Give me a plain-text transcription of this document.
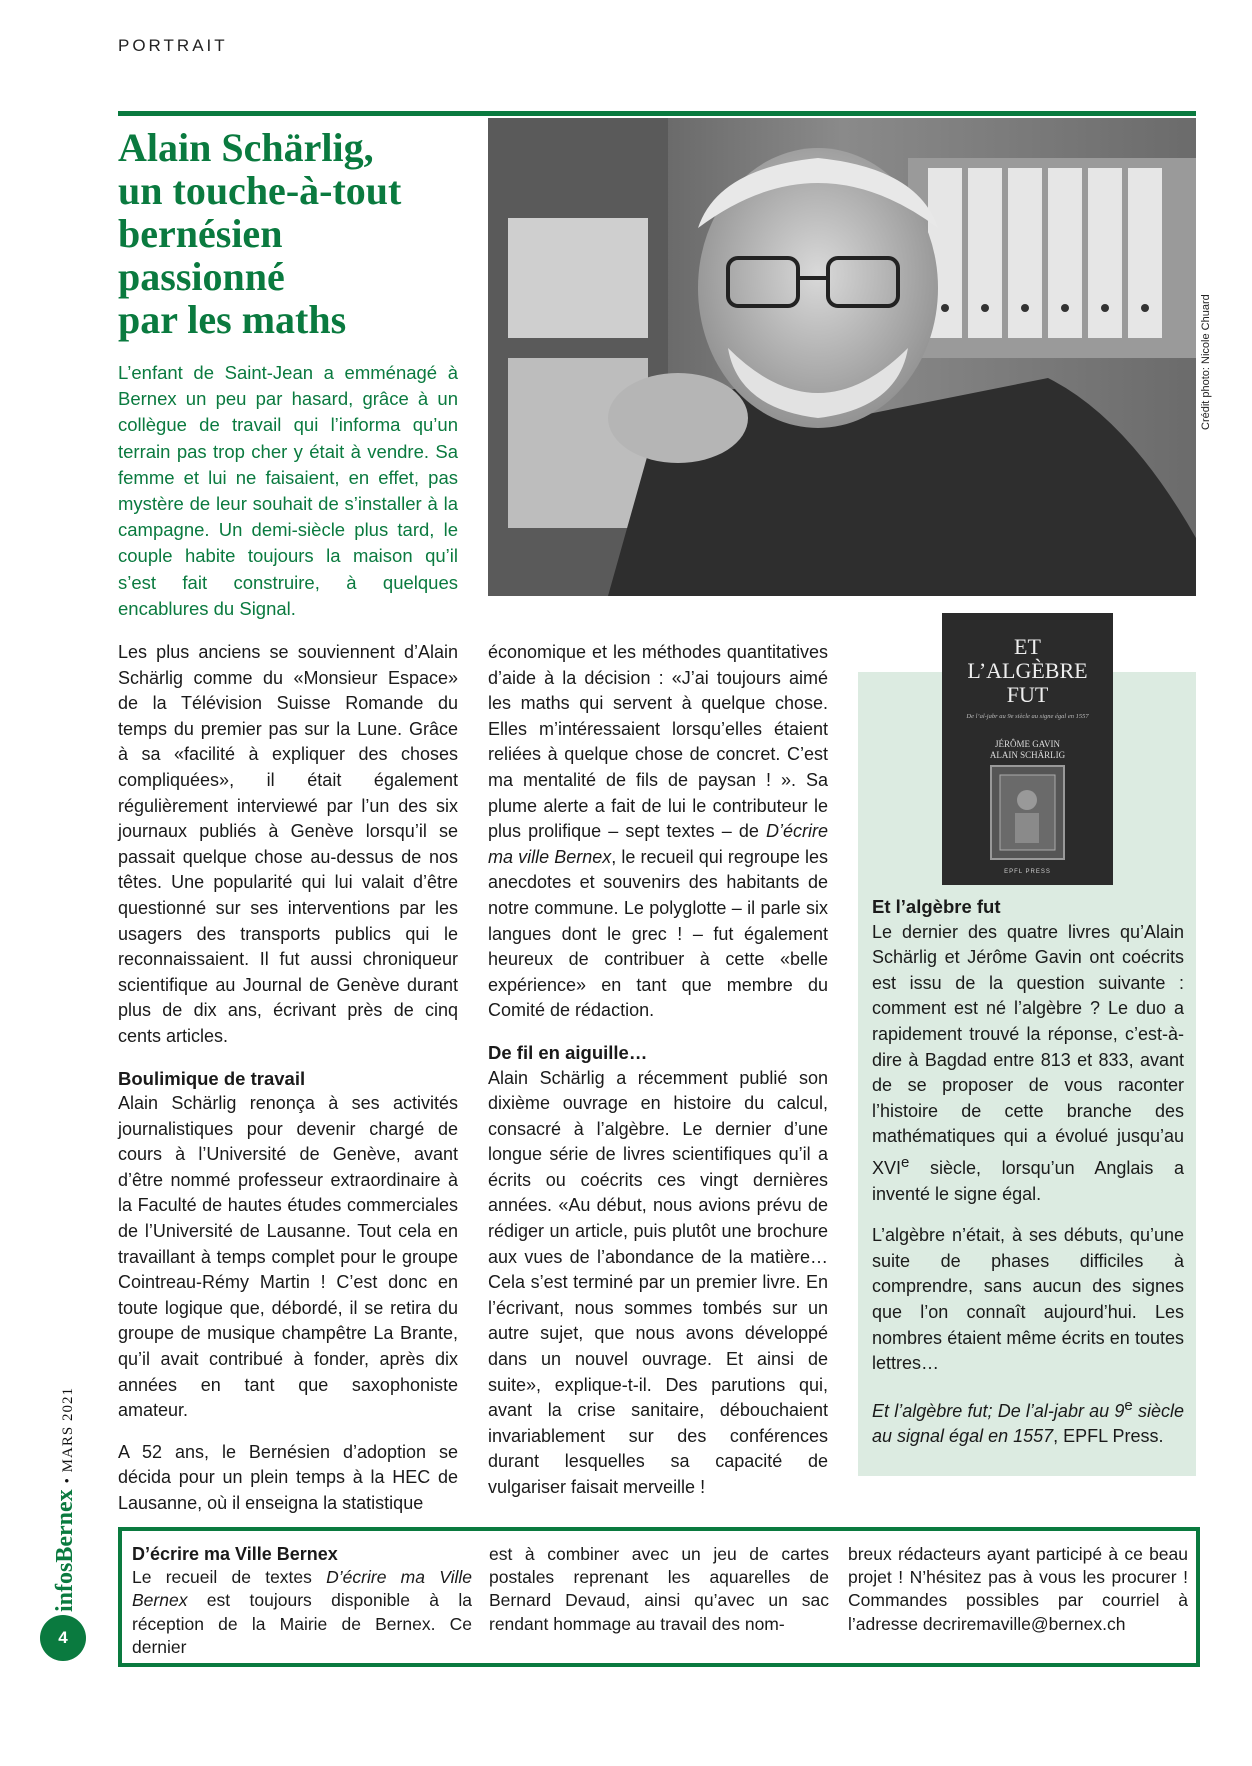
PORTRAIT
Alain Schärlig,
un touche-à-tout
bernésien
passionné
par les maths
L’enfant de Saint-Jean a emménagé à Bernex un peu par hasard, grâce à un collègue de travail qui l’informa qu’un terrain pas trop cher y était à vendre. Sa femme et lui ne faisaient, en effet, pas mystère de leur souhait de s’installer à la campagne. Un demi-siècle plus tard, le couple habite toujours la maison qu’il s’est fait construire, à quelques encablures du Signal.
Crédit photo: Nicole Chuard

Les plus anciens se souviennent d’Alain Schärlig comme du «Monsieur Espace» de la Télévision Suisse Romande du temps du premier pas sur la Lune. Grâce à sa «facilité à expliquer des choses compliquées», il était également régulièrement interviewé par l’un des six journaux publiés à Genève lorsqu’il se passait quelque chose au-dessus de nos têtes. Une popularité qui lui valait d’être questionné sur ses interventions par les usagers des transports publics qui le reconnaissaient. Il fut aussi chroniqueur scientifique au Journal de Genève durant plus de dix ans, écrivant près de cinq cents articles.

Boulimique de travail

Alain Schärlig renonça à ses activités journalistiques pour devenir chargé de cours à l’Université de Genève, avant d’être nommé professeur extraordinaire à la Faculté de hautes études commerciales de l’Université de Lausanne. Tout cela en travaillant à temps complet pour le groupe Cointreau-Rémy Martin ! C’est donc en toute logique que, débordé, il se retira du groupe de musique champêtre La Brante, qu’il avait contribué à fonder, après dix années en tant que saxophoniste amateur.

A 52 ans, le Bernésien d’adoption se décida pour un plein temps à la HEC de Lausanne, où il enseigna la statistique

économique et les méthodes quantitatives d’aide à la décision : «J’ai toujours aimé les maths qui servent à quelque chose. Elles m’intéressaient lorsqu’elles étaient reliées à quelque chose de concret. C’est ma mentalité de fils de paysan ! ». Sa plume alerte a fait de lui le contributeur le plus prolifique – sept textes – de D’écrire ma ville Bernex, le recueil qui regroupe les anecdotes et souvenirs des habitants de notre commune. Le polyglotte – il parle six langues dont le grec ! – fut également heureux de contribuer à cette «belle expérience» en tant que membre du Comité de rédaction.

De fil en aiguille…

Alain Schärlig a récemment publié son dixième ouvrage en histoire du calcul, consacré à l’algèbre. Le dernier d’une longue série de livres scientifiques qu’il a écrits ou coécrits ces vingt dernières années. «Au début, nous avions prévu de rédiger un article, puis plutôt une brochure aux vues de l’abondance de la matière… Cela s’est terminé par un premier livre. En l’écrivant, nous sommes tombés sur un autre sujet, que nous avons développé dans un nouvel ouvrage. Et ainsi de suite», explique-t-il. Des parutions qui, avant la crise sanitaire, débouchaient invariablement sur des conférences durant lesquelles sa capacité de vulgariser faisait merveille !

ET
L’ALGÈBRE
FUT
De l’al-jabr au 9e siècle au signe égal en 1557
JÉRÔME GAVIN
ALAIN SCHÄRLIG
EPFL PRESS
Et l’algèbre fut

Le dernier des quatre livres qu’Alain Schärlig et Jérôme Gavin ont coécrits est issu de la question suivante : comment est né l’algèbre ? Le duo a rapidement trouvé la réponse, c’est-à-dire à Bagdad entre 813 et 833, avant de se proposer de vous raconter l’histoire de cette branche des mathématiques qui a évolué jusqu’au XVIe siècle, lorsqu’un Anglais a inventé le signe égal.

L’algèbre n’était, à ses débuts, qu’une suite de phases difficiles à comprendre, sans aucun des signes que l’on connaît aujourd’hui. Les nombres étaient même écrits en toutes lettres…

Et l’algèbre fut; De l’al-jabr au 9e siècle au signal égal en 1557, EPFL Press.

D’écrire ma Ville Bernex
Le recueil de textes D’écrire ma Ville Bernex est toujours disponible à la réception de la Mairie de Bernex. Ce dernier
est à combiner avec un jeu de cartes postales reprenant les aquarelles de Bernard Devaud, ainsi qu’avec un sac rendant hommage au travail des nom-
breux rédacteurs ayant participé à ce beau projet ! N’hésitez pas à vous les procurer ! Commandes possibles par courriel à l’adresse decriremaville@bernex.ch
infosBernex • MARS 2021
4
